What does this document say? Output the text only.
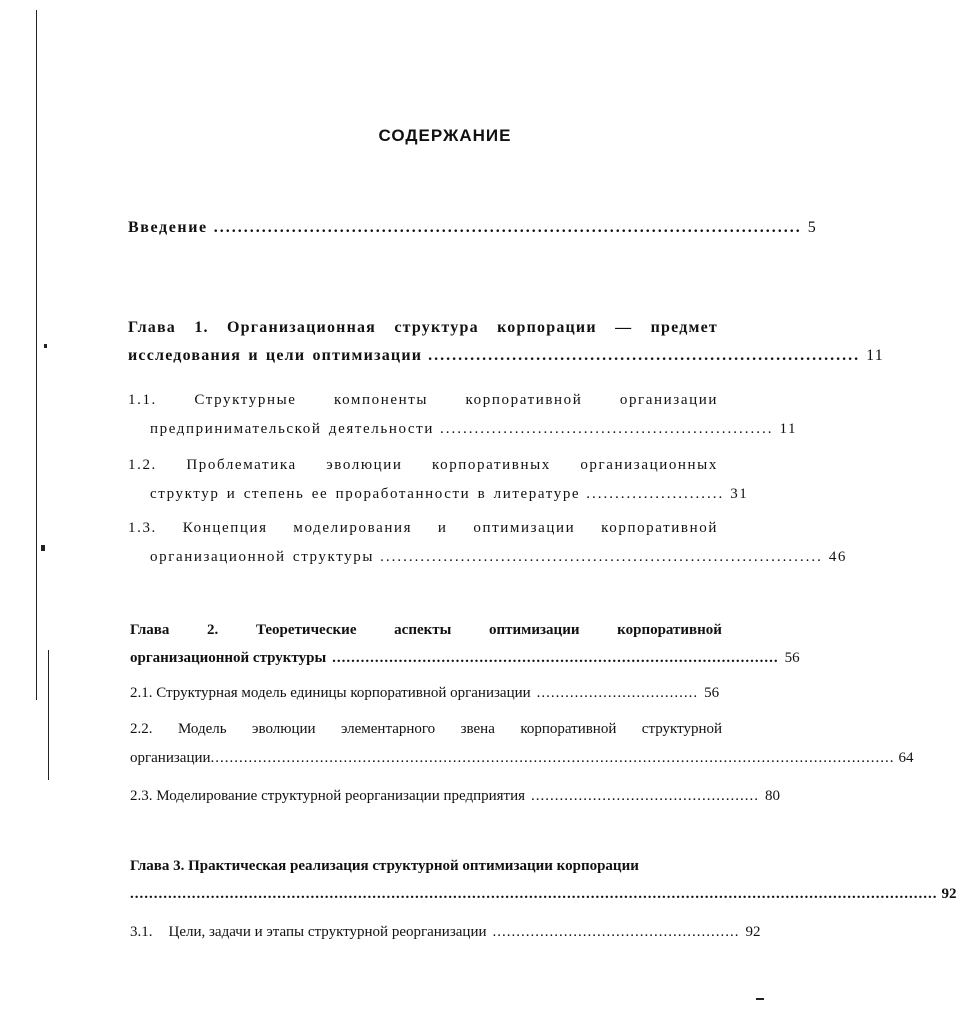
СОДЕРЖАНИЕ
Введение .................................................................................................. 5
Глава 1. Организационная структура корпорации — предмет
исследования и цели оптимизации ........................................................................ 11
1.1. Структурные компоненты корпоративной организации
предпринимательской деятельности .......................................................... 11
1.2. Проблематика эволюции корпоративных организационных
структур и степень ее проработанности в литературе ........................ 31
1.3. Концепция моделирования и оптимизации корпоративной
организационной структуры ............................................................................. 46
Глава	2.	Теоретические	аспекты	оптимизации	корпоративной
организационной структуры .............................................................................................. 56
2.1. Структурная модель единицы корпоративной организации .................................. 56
2.2. Модель эволюции элементарного звена корпоративной структурной
организации ................................................................................................................................................ 64
2.3. Моделирование структурной реорганизации предприятия ................................................ 80
Глава 3. Практическая реализация структурной оптимизации корпорации
.......................................................................................................................................................................... 92
3.1. Цели, задачи и этапы структурной реорганизации .................................................... 92
